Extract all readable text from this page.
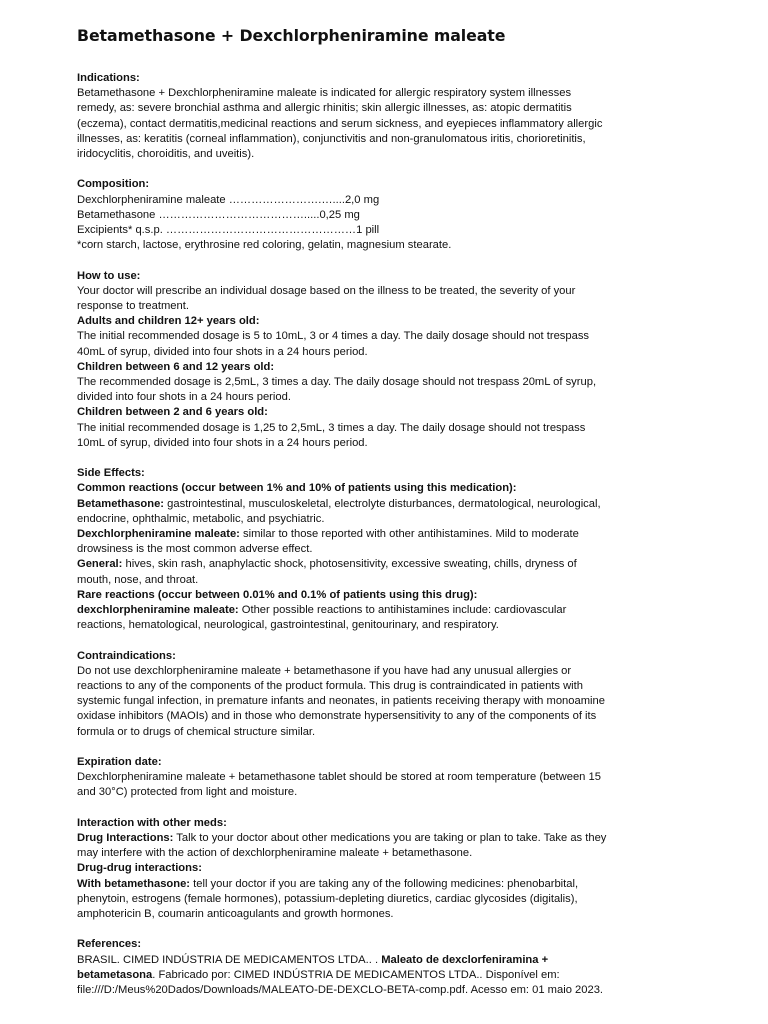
Betamethasone + Dexchlorpheniramine maleate
Indications:
Betamethasone + Dexchlorpheniramine maleate is indicated for allergic respiratory system illnesses
remedy, as: severe bronchial asthma and allergic rhinitis; skin allergic illnesses, as: atopic dermatitis
(eczema), contact dermatitis,medicinal reactions and serum sickness, and eyepieces inflammatory allergic
illnesses, as: keratitis (corneal inflammation), conjunctivitis and non-granulomatous iritis, chorioretinitis,
iridocyclitis, choroiditis, and uveitis).
Composition:
Dexchlorpheniramine maleate …………………….…....2,0 mg
Betamethasone ………………………………….....0,25 mg
Excipients* q.s.p. ……………………………………………1 pill
*corn starch, lactose, erythrosine red coloring, gelatin, magnesium stearate.
How to use:
Your doctor will prescribe an individual dosage based on the illness to be treated, the severity of your
response to treatment.
Adults and children 12+ years old:
The initial recommended dosage is 5 to 10mL, 3 or 4 times a day. The daily dosage should not trespass
40mL of syrup, divided into four shots in a 24 hours period.
Children between 6 and 12 years old:
The recommended dosage is 2,5mL, 3 times a day. The daily dosage should not trespass 20mL of syrup,
divided into four shots in a 24 hours period.
Children between 2 and 6 years old:
The initial recommended dosage is 1,25 to 2,5mL, 3 times a day. The daily dosage should not trespass
10mL of syrup, divided into four shots in a 24 hours period.
Side Effects:
Common reactions (occur between 1% and 10% of patients using this medication):
Betamethasone: gastrointestinal, musculoskeletal, electrolyte disturbances, dermatological, neurological,
endocrine, ophthalmic, metabolic, and psychiatric.
Dexchlorpheniramine maleate: similar to those reported with other antihistamines. Mild to moderate
drowsiness is the most common adverse effect.
General: hives, skin rash, anaphylactic shock, photosensitivity, excessive sweating, chills, dryness of
mouth, nose, and throat.
Rare reactions (occur between 0.01% and 0.1% of patients using this drug):
dexchlorpheniramine maleate: Other possible reactions to antihistamines include: cardiovascular
reactions, hematological, neurological, gastrointestinal, genitourinary, and respiratory.
Contraindications:
Do not use dexchlorpheniramine maleate + betamethasone if you have had any unusual allergies or
reactions to any of the components of the product formula. This drug is contraindicated in patients with
systemic fungal infection, in premature infants and neonates, in patients receiving therapy with monoamine
oxidase inhibitors (MAOIs) and in those who demonstrate hypersensitivity to any of the components of its
formula or to drugs of chemical structure similar.
Expiration date:
Dexchlorpheniramine maleate + betamethasone tablet should be stored at room temperature (between 15
and 30°C) protected from light and moisture.
Interaction with other meds:
Drug Interactions: Talk to your doctor about other medications you are taking or plan to take. Take as they
may interfere with the action of dexchlorpheniramine maleate + betamethasone.
Drug-drug interactions:
With betamethasone: tell your doctor if you are taking any of the following medicines: phenobarbital,
phenytoin, estrogens (female hormones), potassium-depleting diuretics, cardiac glycosides (digitalis),
amphotericin B, coumarin anticoagulants and growth hormones.
References:
BRASIL. CIMED INDÚSTRIA DE MEDICAMENTOS LTDA.. . Maleato de dexclorfeniramina +
betametasona. Fabricado por: CIMED INDÚSTRIA DE MEDICAMENTOS LTDA.. Disponível em:
file:///D:/Meus%20Dados/Downloads/MALEATO-DE-DEXCLO-BETA-comp.pdf. Acesso em: 01 maio 2023.
